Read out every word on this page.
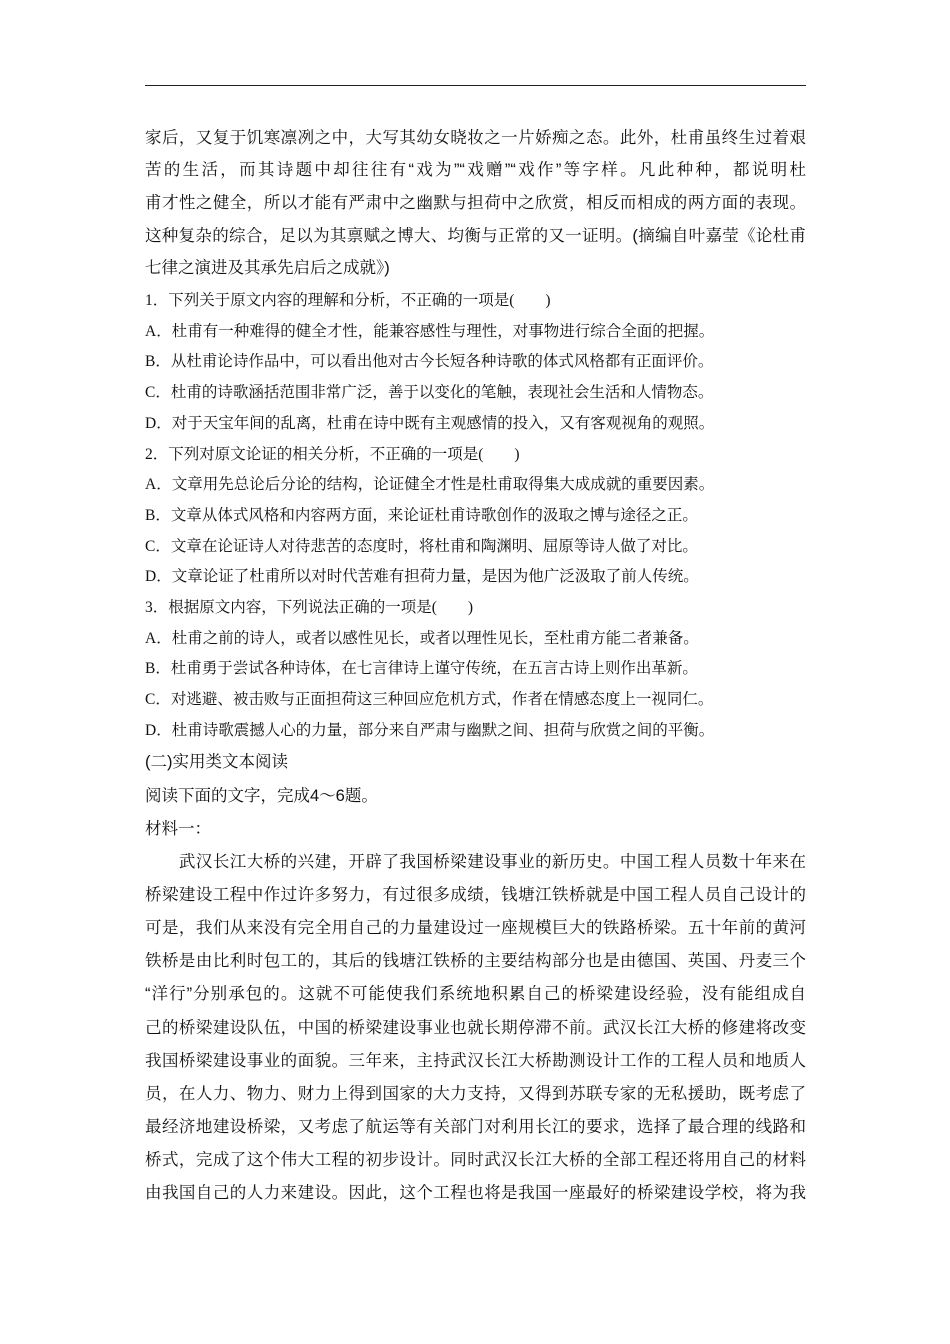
家后，又复于饥寒凛冽之中，大写其幼女晓妆之一片娇痴之态。此外，杜甫虽终生过着艰
苦的生活，而其诗题中却往往有“戏为”“戏赠”“戏作”等字样。凡此种种，都说明杜
甫才性之健全，所以才能有严肃中之幽默与担荷中之欣赏，相反而相成的两方面的表现。
这种复杂的综合，足以为其禀赋之博大、均衡与正常的又一证明。(摘编自叶嘉莹《论杜甫
七律之演进及其承先启后之成就》)
1．下列关于原文内容的理解和分析，不正确的一项是(　　)
A．杜甫有一种难得的健全才性，能兼容感性与理性，对事物进行综合全面的把握。
B．从杜甫论诗作品中，可以看出他对古今长短各种诗歌的体式风格都有正面评价。
C．杜甫的诗歌涵括范围非常广泛，善于以变化的笔触，表现社会生活和人情物态。
D．对于天宝年间的乱离，杜甫在诗中既有主观感情的投入，又有客观视角的观照。
2．下列对原文论证的相关分析，不正确的一项是(　　)
A．文章用先总论后分论的结构，论证健全才性是杜甫取得集大成成就的重要因素。
B．文章从体式风格和内容两方面，来论证杜甫诗歌创作的汲取之博与途径之正。
C．文章在论证诗人对待悲苦的态度时，将杜甫和陶渊明、屈原等诗人做了对比。
D．文章论证了杜甫所以对时代苦难有担荷力量，是因为他广泛汲取了前人传统。
3．根据原文内容，下列说法正确的一项是(　　)
A．杜甫之前的诗人，或者以感性见长，或者以理性见长，至杜甫方能二者兼备。
B．杜甫勇于尝试各种诗体，在七言律诗上谨守传统，在五言古诗上则作出革新。
C．对逃避、被击败与正面担荷这三种回应危机方式，作者在情感态度上一视同仁。
D．杜甫诗歌震撼人心的力量，部分来自严肃与幽默之间、担荷与欣赏之间的平衡。
(二)实用类文本阅读
阅读下面的文字，完成4～6题。
材料一：
　　武汉长江大桥的兴建，开辟了我国桥梁建设事业的新历史。中国工程人员数十年来在
桥梁建设工程中作过许多努力，有过很多成绩，钱塘江铁桥就是中国工程人员自己设计的
可是，我们从来没有完全用自己的力量建设过一座规模巨大的铁路桥梁。五十年前的黄河
铁桥是由比利时包工的，其后的钱塘江铁桥的主要结构部分也是由德国、英国、丹麦三个
“洋行”分别承包的。这就不可能使我们系统地积累自己的桥梁建设经验，没有能组成自
己的桥梁建设队伍，中国的桥梁建设事业也就长期停滞不前。武汉长江大桥的修建将改变
我国桥梁建设事业的面貌。三年来，主持武汉长江大桥勘测设计工作的工程人员和地质人
员，在人力、物力、财力上得到国家的大力支持，又得到苏联专家的无私援助，既考虑了
最经济地建设桥梁，又考虑了航运等有关部门对利用长江的要求，选择了最合理的线路和
桥式，完成了这个伟大工程的初步设计。同时武汉长江大桥的全部工程还将用自己的材料
由我国自己的人力来建设。因此，这个工程也将是我国一座最好的桥梁建设学校，将为我
